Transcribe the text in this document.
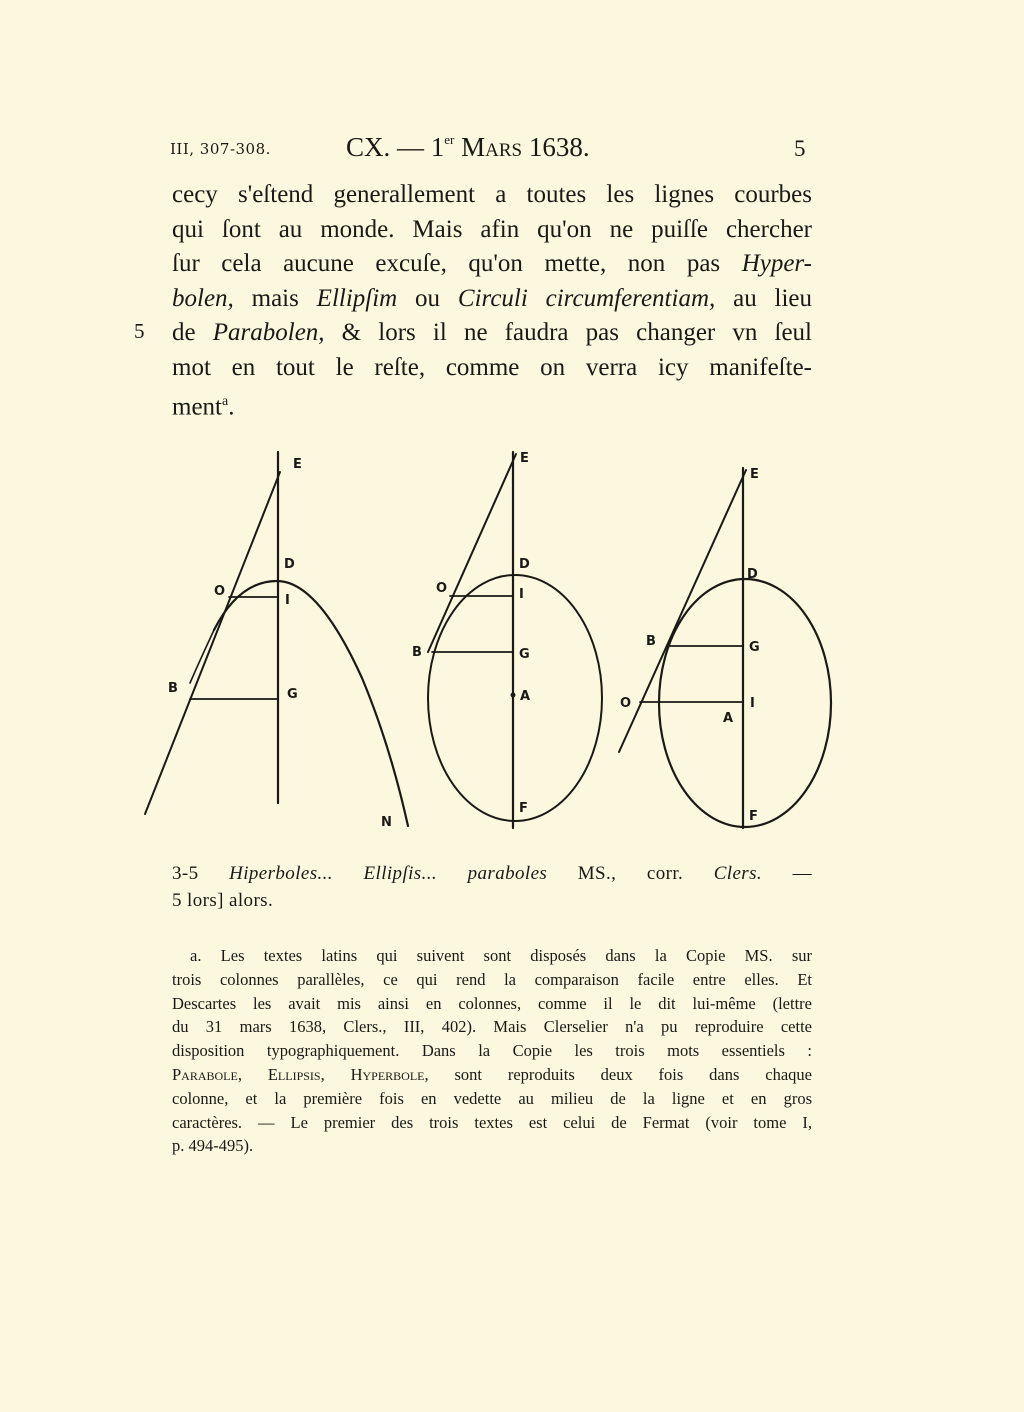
III, 307-308.	CX. — 1er Mars 1638.	5
cecy s'eſtend generallement a toutes les lignes courbes
qui ſont au monde. Mais afin qu'on ne puiſſe chercher
ſur cela aucune excuſe, qu'on mette, non pas Hyper-
bolen, mais Ellipſim ou Circuli circumferentiam, au lieu
de Parabolen, & lors il ne faudra pas changer vn ſeul
mot en tout le reſte, comme on verra icy manifeſte-
ment$^a$.
5
E
D
O
I
B	G
N
E
D
O	I
B	G
A
F
E
D
B	G
O	I
A
F
3-5 Hiperboles... Ellipſis... paraboles MS., corr. Clers. —
5 lors] alors.
a. Les textes latins qui suivent sont disposés dans la Copie MS. sur
trois colonnes parallèles, ce qui rend la comparaison facile entre elles. Et
Descartes les avait mis ainsi en colonnes, comme il le dit lui-même (lettre
du 31 mars 1638, Clers., III, 402). Mais Clerselier n'a pu reproduire cette
disposition typographiquement. Dans la Copie les trois mots essentiels :
Parabole, Ellipsis, Hyperbole, sont reproduits deux fois dans chaque
colonne, et la première fois en vedette au milieu de la ligne et en gros
caractères. — Le premier des trois textes est celui de Fermat (voir tome I,
p. 494-495).
